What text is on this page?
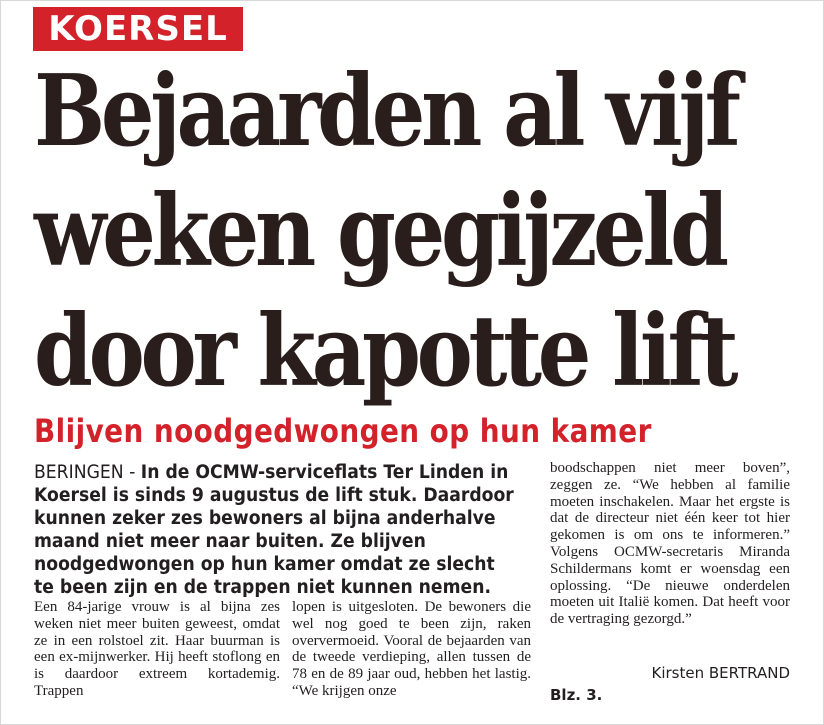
KOERSEL
Bejaarden al vijf
weken gegijzeld
door kapotte lift
Blijven noodgedwongen op hun kamer
BERINGEN - In de OCMW-serviceflats Ter Linden in Koersel is sinds 9 augustus de lift stuk. Daardoor kunnen zeker zes bewoners al bijna anderhalve maand niet meer naar buiten. Ze blijven noodgedwongen op hun kamer omdat ze slecht te been zijn en de trappen niet kunnen nemen.
Een 84-jarige vrouw is al bijna zes weken niet meer buiten geweest, omdat ze in een rolstoel zit. Haar buurman is een ex-mijnwerker. Hij heeft stoflong en is daardoor extreem kortademig. Trappen
lopen is uitgesloten. De bewoners die wel nog goed te been zijn, raken oververmoeid. Vooral de bejaarden van de tweede verdieping, allen tussen de 78 en de 89 jaar oud, hebben het lastig. “We krijgen onze
boodschappen niet meer boven”, zeggen ze. “We hebben al familie moeten inschakelen. Maar het ergste is dat de directeur niet één keer tot hier gekomen is om ons te informeren.” Volgens OCMW-secretaris Miranda Schildermans komt er woensdag een oplossing. “De nieuwe onderdelen moeten uit Italië komen. Dat heeft voor de vertraging gezorgd.”
Kirsten BERTRAND
Blz. 3.
